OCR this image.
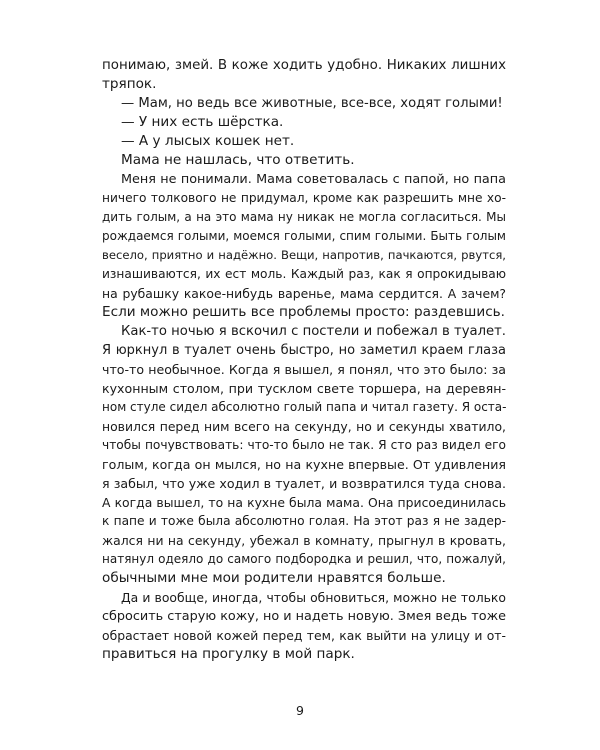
понимаю, змей. В коже ходить удобно. Никаких лишних
тряпок.
— Мам, но ведь все животные, все-все, ходят голыми!
— У них есть шёрстка.
— А у лысых кошек нет.
Мама не нашлась, что ответить.
Меня не понимали. Мама советовалась с папой, но папа
ничего толкового не придумал, кроме как разрешить мне хо-
дить голым, а на это мама ну никак не могла согласиться. Мы
рождаемся голыми, моемся голыми, спим голыми. Быть голым
весело, приятно и надёжно. Вещи, напротив, пачкаются, рвутся,
изнашиваются, их ест моль. Каждый раз, как я опрокидываю
на рубашку какое-нибудь варенье, мама сердится. А зачем?
Если можно решить все проблемы просто: раздевшись.
Как-то ночью я вскочил с постели и побежал в туалет.
Я юркнул в туалет очень быстро, но заметил краем глаза
что-то необычное. Когда я вышел, я понял, что это было: за
кухонным столом, при тусклом свете торшера, на деревян-
ном стуле сидел абсолютно голый папа и читал газету. Я оста-
новился перед ним всего на секунду, но и секунды хватило,
чтобы почувствовать: что-то было не так. Я сто раз видел его
голым, когда он мылся, но на кухне впервые. От удивления
я забыл, что уже ходил в туалет, и возвратился туда снова.
А когда вышел, то на кухне была мама. Она присоединилась
к папе и тоже была абсолютно голая. На этот раз я не задер-
жался ни на секунду, убежал в комнату, прыгнул в кровать,
натянул одеяло до самого подбородка и решил, что, пожалуй,
обычными мне мои родители нравятся больше.
Да и вообще, иногда, чтобы обновиться, можно не только
сбросить старую кожу, но и надеть новую. Змея ведь тоже
обрастает новой кожей перед тем, как выйти на улицу и от-
правиться на прогулку в мой парк.
9
